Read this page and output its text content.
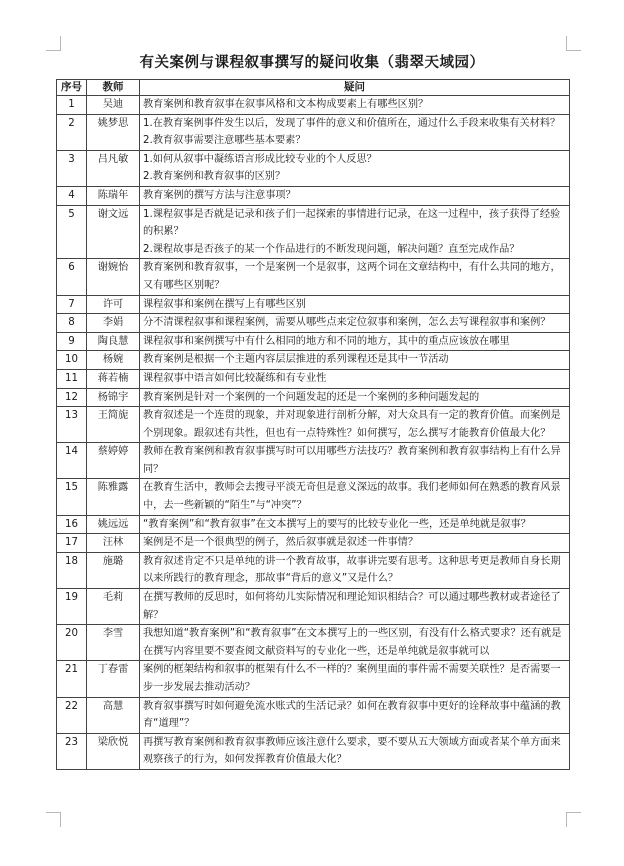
有关案例与课程叙事撰写的疑问收集（翡翠天域园）
序号	教师	疑问
1	吴迪	教育案例和教育叙事在叙事风格和文本构成要素上有哪些区别？

2	姚梦思	1.在教育案例事件发生以后，发现了事件的意义和价值所在，通过什么手段来收集有关材料？
2.教育叙事需要注意哪些基本要素？

3	吕凡敏	1.如何从叙事中凝练语言形成比较专业的个人反思？
2.教育案例和教育叙事的区别？

4	陈瑞年	教育案例的撰写方法与注意事项？

5	谢文远	1.课程叙事是否就是记录和孩子们一起探索的事情进行记录，在这一过程中，孩子获得了经验的积累？
2.课程故事是否孩子的某一个作品进行的不断发现问题，解决问题？直至完成作品？

6	谢婉怡	教育案例和教育叙事，一个是案例一个是叙事，这两个词在文章结构中，有什么共同的地方，又有哪些区别呢？

7	许可	课程叙事和案例在撰写上有哪些区别

8	李娟	分不清课程叙事和课程案例，需要从哪些点来定位叙事和案例，怎么去写课程叙事和案例？

9	陶良慧	课程叙事和案例撰写中有什么相同的地方和不同的地方，其中的重点应该放在哪里

10	杨婉	教育案例是根据一个主题内容层层推进的系列课程还是其中一节活动

11	蒋若楠	课程叙事中语言如何比较凝练和有专业性

12	杨锦宇	教育案例是针对一个案例的一个问题发起的还是一个案例的多种问题发起的

13	王简旎	教育叙述是一个连贯的现象，并对现象进行剖析分解，对大众具有一定的教育价值。而案例是个别现象。跟叙述有共性，但也有一点特殊性？如何撰写，怎么撰写才能教育价值最大化？

14	蔡婷婷	教师在教育案例和教育叙事撰写时可以用哪些方法技巧？教育案例和教育叙事结构上有什么异同？

15	陈雅露	在教育生活中，教师会去搜寻平淡无奇但是意义深远的故事。我们老师如何在熟悉的教育风景中，去一些新颖的“陌生”与“冲突”？

16	姚远远	“教育案例”和“教育叙事”在文本撰写上的要写的比较专业化一些，还是单纯就是叙事？

17	汪林	案例是不是一个很典型的例子，然后叙事就是叙述一件事情？

18	施璐	教育叙述肯定不只是单纯的讲一个教育故事，故事讲完要有思考。这种思考更是教师自身长期以来所践行的教育理念，那故事“背后的意义”又是什么？

19	毛莉	在撰写教师的反思时，如何将幼儿实际情况和理论知识相结合？可以通过哪些教材或者途径了解？

20	李雪	我想知道“教育案例”和“教育叙事”在文本撰写上的一些区别，有没有什么格式要求？还有就是在撰写内容里要不要查阅文献资料写的专业化一些，还是单纯就是叙事就可以

21	丁春雷	案例的框架结构和叙事的框架有什么不一样的？案例里面的事件需不需要关联性？是否需要一步一步发展去推动活动？

22	高慧	教育叙事撰写时如何避免流水账式的生活记录？如何在教育叙事中更好的诠释故事中蕴涵的教育“道理”？

23	梁欣悦	再撰写教育案例和教育叙事教师应该注意什么要求，要不要从五大领域方面或者某个单方面来观察孩子的行为，如何发挥教育价值最大化？
